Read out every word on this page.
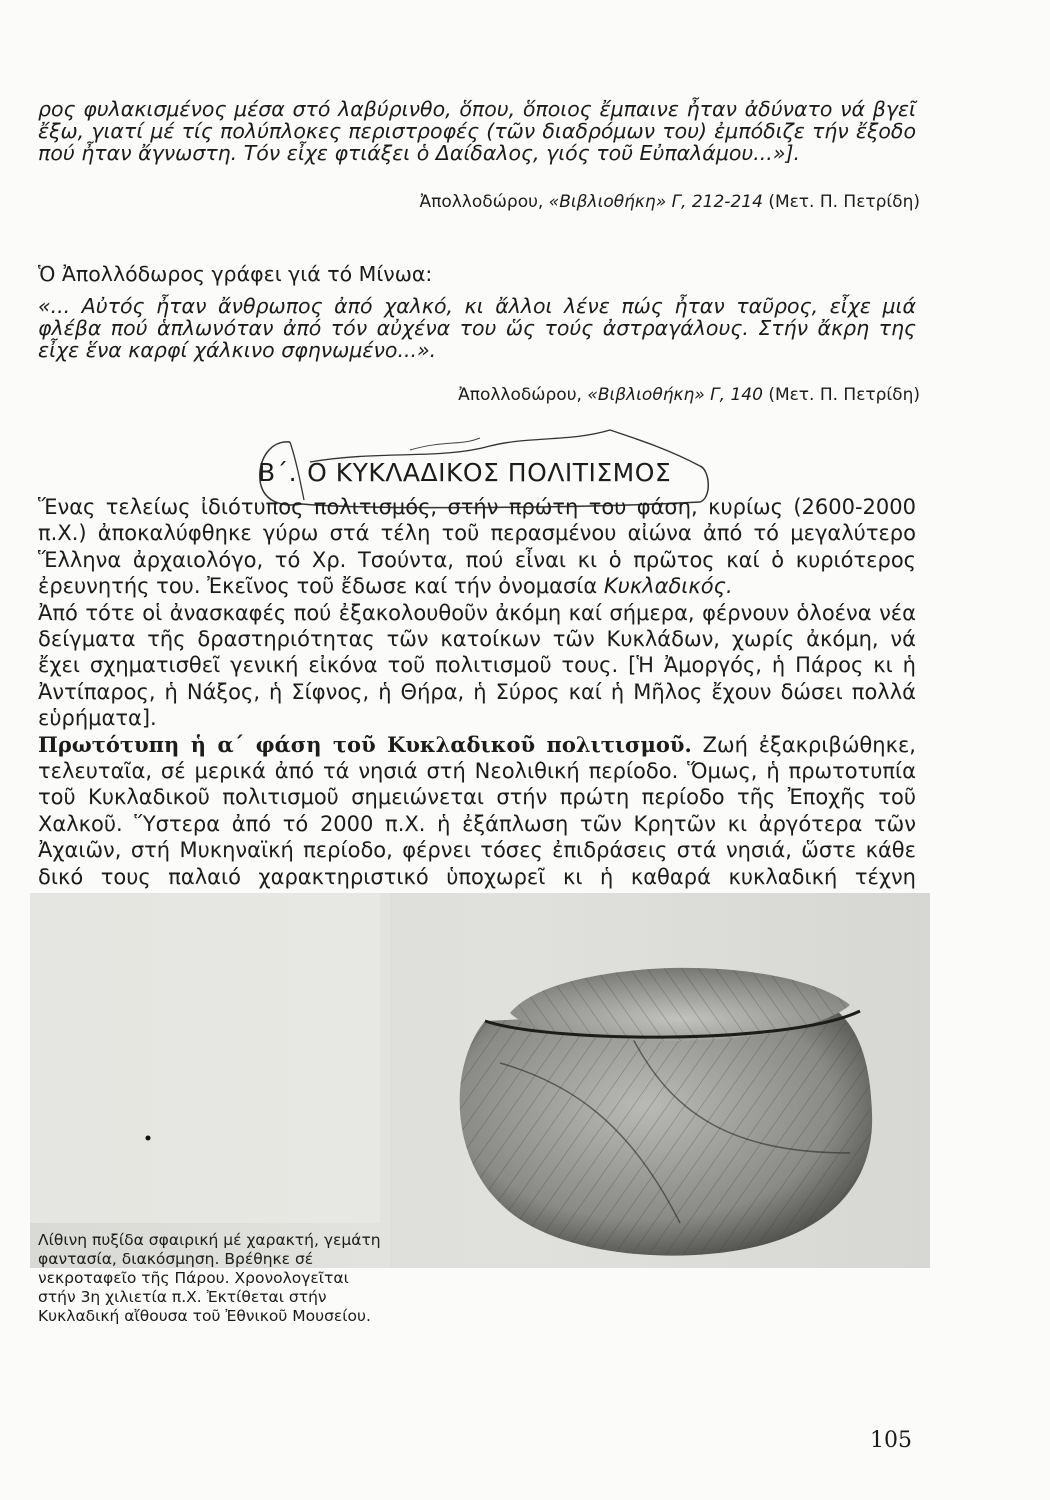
ρος φυλακισμένος μέσα στό λαβύρινθο, ὅπου, ὅποιος ἔμπαινε ἦταν ἀδύνατο νά βγεῖ ἔξω, γιατί μέ τίς πολύπλοκες περιστροφές (τῶν διαδρόμων του) ἐμπόδιζε τήν ἔξοδο πού ἦταν ἄγνωστη. Τόν εἶχε φτιάξει ὁ Δαίδαλος, γιός τοῦ Εὐπαλάμου...»].
Ἀπολλοδώρου, «Βιβλιοθήκη» Γ, 212-214 (Μετ. Π. Πετρίδη)
Ὁ Ἀπολλόδωρος γράφει γιά τό Μίνωα:
«... Αὐτός ἦταν ἄνθρωπος ἀπό χαλκό, κι ἄλλοι λένε πώς ἦταν ταῦρος, εἶχε μιά φλέβα πού ἁπλωνόταν ἀπό τόν αὐχένα του ὥς τούς ἀστραγάλους. Στήν ἄκρη της εἶχε ἕνα καρφί χάλκινο σφηνωμένο...».
Ἀπολλοδώρου, «Βιβλιοθήκη» Γ, 140 (Μετ. Π. Πετρίδη)
Β΄. Ο ΚΥΚΛΑΔΙΚΟΣ ΠΟΛΙΤΙΣΜΟΣ

Ἕνας τελείως ἰδιότυπος πολιτισμός, στήν πρώτη του φάση, κυρίως (2600-2000 π.Χ.) ἀποκαλύφθηκε γύρω στά τέλη τοῦ περασμένου αἰώνα ἀπό τό μεγαλύτερο Ἕλληνα ἀρχαιολόγο, τό Χρ. Τσούντα, πού εἶναι κι ὁ πρῶτος καί ὁ κυριότερος ἐρευνητής του. Ἐκεῖνος τοῦ ἔδωσε καί τήν ὀνομασία Κυκλαδικός.

Ἀπό τότε οἱ ἀνασκαφές πού ἐξακολουθοῦν ἀκόμη καί σήμερα, φέρνουν ὁλοένα νέα δείγματα τῆς δραστηριότητας τῶν κατοίκων τῶν Κυκλάδων, χωρίς ἀκόμη, νά ἔχει σχηματισθεῖ γενική εἰκόνα τοῦ πολιτισμοῦ τους. [Ἡ Ἀμοργός, ἡ Πάρος κι ἡ Ἀντίπαρος, ἡ Νάξος, ἡ Σίφνος, ἡ Θήρα, ἡ Σύρος καί ἡ Μῆλος ἔχουν δώσει πολλά εὑρήματα].

Πρωτότυπη ἡ α΄ φάση τοῦ Κυκλαδικοῦ πολιτισμοῦ. Ζωή ἐξακριβώθηκε, τελευταῖα, σέ μερικά ἀπό τά νησιά στή Νεολιθική περίοδο. Ὅμως, ἡ πρωτοτυπία τοῦ Κυκλαδικοῦ πολιτισμοῦ σημειώνεται στήν πρώτη περίοδο τῆς Ἐποχῆς τοῦ Χαλκοῦ. Ὕστερα ἀπό τό 2000 π.Χ. ἡ ἐξάπλωση τῶν Κρητῶν κι ἀργότερα τῶν Ἀχαιῶν, στή Μυκηναϊκή περίοδο, φέρνει τόσες ἐπιδράσεις στά νησιά, ὥστε κάθε δικό τους παλαιό χαρακτηριστικό ὑποχωρεῖ κι ἡ καθαρά κυκλαδική τέχνη

Λίθινη πυξίδα σφαιρική μέ χαρακτή, γεμάτη φαντασία, διακόσμηση. Βρέθηκε σέ νεκροταφεῖο τῆς Πάρου. Χρονολογεῖται στήν 3η χιλιετία π.Χ. Ἐκτίθεται στήν Κυκλαδική αἴθουσα τοῦ Ἐθνικοῦ Μουσείου.
105
